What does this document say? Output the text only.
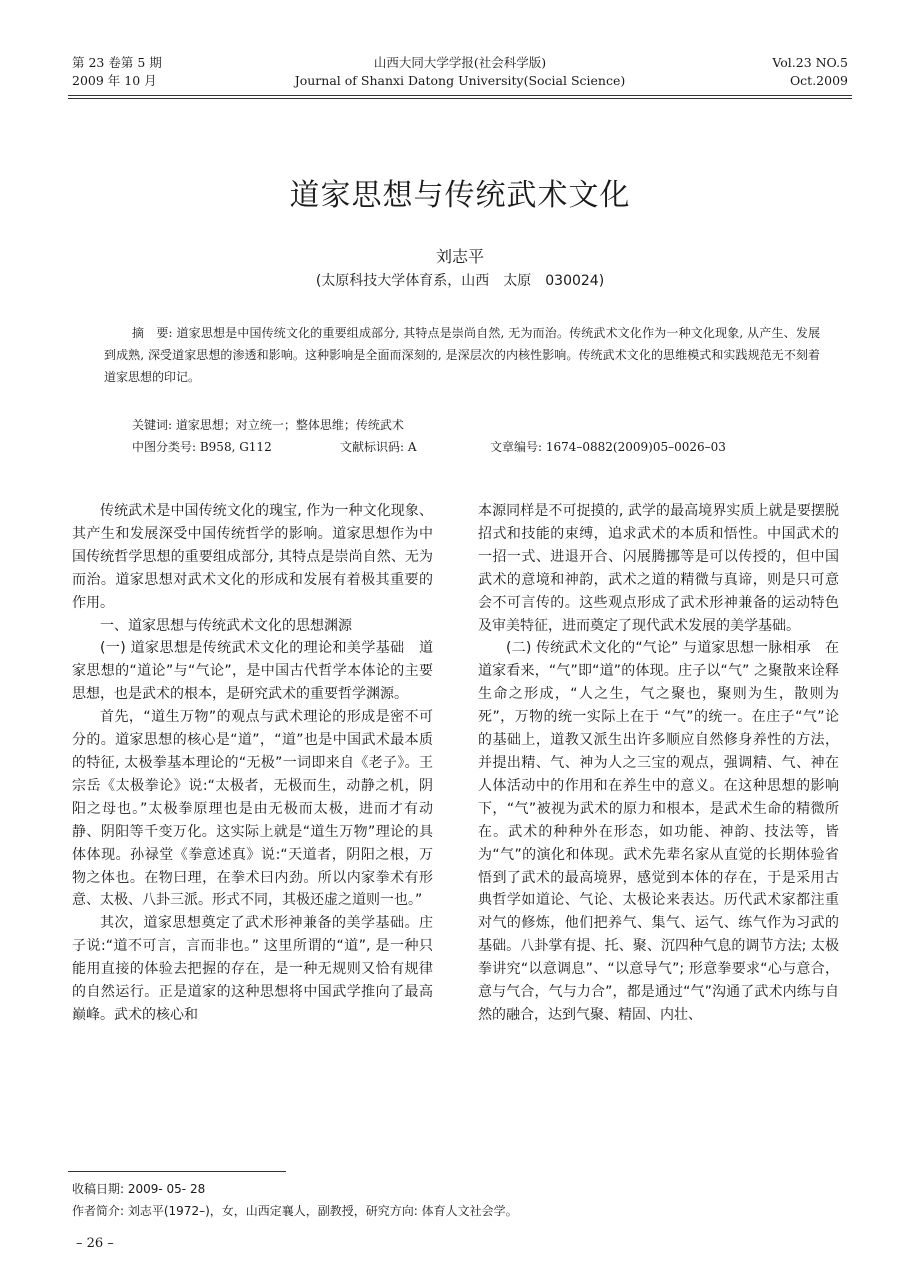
第 23 卷第 5 期
2009 年 10 月
山西大同大学学报(社会科学版)
Journal of Shanxi Datong University(Social Science)
Vol.23 NO.5
Oct.2009
道家思想与传统武术文化
刘志平
(太原科技大学体育系，山西　太原　030024)

摘　要: 道家思想是中国传统文化的重要组成部分, 其特点是崇尚自然, 无为而治。传统武术文化作为一种文化现象, 从产生、发展到成熟, 深受道家思想的渗透和影响。这种影响是全面而深刻的, 是深层次的内核性影响。传统武术文化的思维模式和实践规范无不刻着道家思想的印记。

关键词: 道家思想；对立统一；整体思维；传统武术
中图分类号: B958, G112	文献标识码: A	文章编号: 1674–0882(2009)05–0026–03

传统武术是中国传统文化的瑰宝, 作为一种文化现象、其产生和发展深受中国传统哲学的影响。道家思想作为中国传统哲学思想的重要组成部分, 其特点是崇尚自然、无为而治。道家思想对武术文化的形成和发展有着极其重要的作用。

一、道家思想与传统武术文化的思想渊源

(一) 道家思想是传统武术文化的理论和美学基础　道家思想的“道论”与“气论”，是中国古代哲学本体论的主要思想，也是武术的根本，是研究武术的重要哲学渊源。

首先，“道生万物”的观点与武术理论的形成是密不可分的。道家思想的核心是“道”，“道”也是中国武术最本质的特征, 太极拳基本理论的“无极”一词即来自《老子》。王宗岳《太极拳论》说:“太极者，无极而生，动静之机，阴阳之母也。”太极拳原理也是由无极而太极，进而才有动静、阴阳等千变万化。这实际上就是“道生万物”理论的具体体现。孙禄堂《拳意述真》说:“天道者，阴阳之根，万物之体也。在物曰理，在拳术曰内劲。所以内家拳术有形意、太极、八卦三派。形式不同，其极还虚之道则一也。”

其次，道家思想奠定了武术形神兼备的美学基础。庄子说:“道不可言，言而非也。” 这里所谓的“道”, 是一种只能用直接的体验去把握的存在，是一种无规则又恰有规律的自然运行。正是道家的这种思想将中国武学推向了最高巅峰。武术的核心和

本源同样是不可捉摸的, 武学的最高境界实质上就是要摆脱招式和技能的束缚，追求武术的本质和悟性。中国武术的一招一式、进退开合、闪展腾挪等是可以传授的，但中国武术的意境和神韵，武术之道的精微与真谛，则是只可意会不可言传的。这些观点形成了武术形神兼备的运动特色及审美特征，进而奠定了现代武术发展的美学基础。

(二) 传统武术文化的“气论” 与道家思想一脉相承　在道家看来，“气”即“道”的体现。庄子以“气” 之聚散来诠释生命之形成，“人之生，气之聚也，聚则为生，散则为死”，万物的统一实际上在于 “气”的统一。在庄子“气”论的基础上，道教又派生出许多顺应自然修身养性的方法，并提出精、气、神为人之三宝的观点，强调精、气、神在人体活动中的作用和在养生中的意义。在这种思想的影响下，“气”被视为武术的原力和根本，是武术生命的精微所在。武术的种种外在形态，如功能、神韵、技法等，皆为“气”的演化和体现。武术先辈名家从直觉的长期体验省悟到了武术的最高境界，感觉到本体的存在，于是采用古典哲学如道论、气论、太极论来表达。历代武术家都注重对气的修炼，他们把养气、集气、运气、练气作为习武的基础。八卦掌有提、托、聚、沉四种气息的调节方法; 太极拳讲究“以意调息”、“以意导气”; 形意拳要求“心与意合，意与气合，气与力合”，都是通过“气”沟通了武术内练与自然的融合，达到气聚、精固、内壮、

收稿日期: 2009- 05- 28
作者简介: 刘志平(1972–)，女，山西定襄人，副教授，研究方向: 体育人文社会学。
– 26 –
